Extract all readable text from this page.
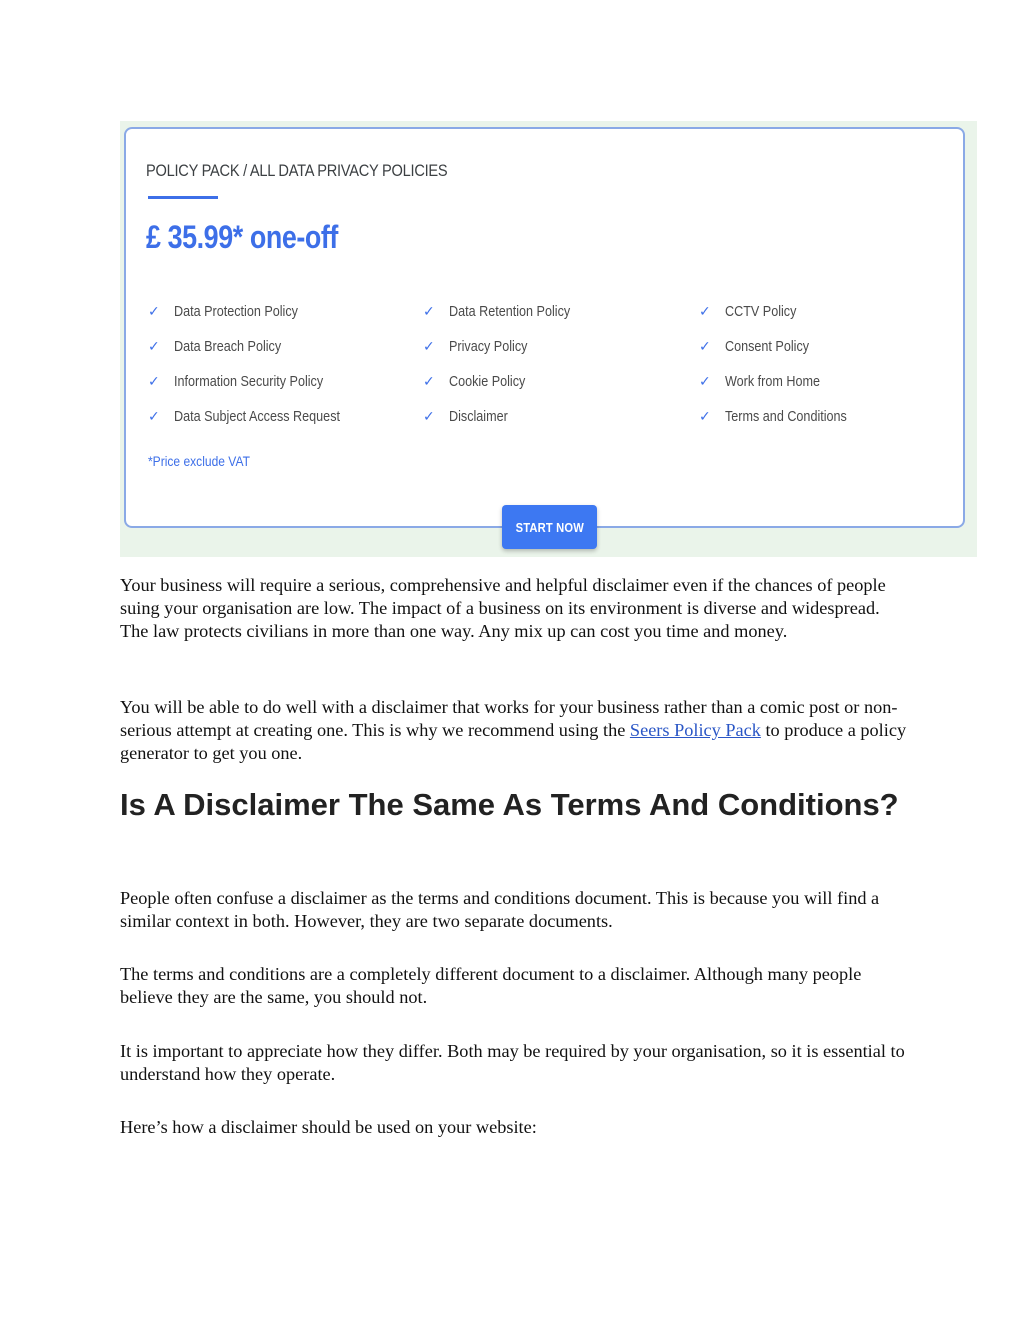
POLICY PACK / ALL DATA PRIVACY POLICIES
£ 35.99* one-off
✓ Data Protection Policy
✓ Data Breach Policy
✓ Information Security Policy
✓ Data Subject Access Request
✓ Data Retention Policy
✓ Privacy Policy
✓ Cookie Policy
✓ Disclaimer
✓ CCTV Policy
✓ Consent Policy
✓ Work from Home
✓ Terms and Conditions
*Price exclude VAT
START NOW

Your business will require a serious, comprehensive and helpful disclaimer even if the chances of people suing your organisation are low. The impact of a business on its environment is diverse and widespread. The law protects civilians in more than one way. Any mix up can cost you time and money.

You will be able to do well with a disclaimer that works for your business rather than a comic post or non-serious attempt at creating one. This is why we recommend using the Seers Policy Pack to produce a policy generator to get you one.

Is A Disclaimer The Same As Terms And Conditions?

People often confuse a disclaimer as the terms and conditions document. This is because you will find a similar context in both. However, they are two separate documents.

The terms and conditions are a completely different document to a disclaimer. Although many people believe they are the same, you should not.

It is important to appreciate how they differ. Both may be required by your organisation, so it is essential to understand how they operate.

Here’s how a disclaimer should be used on your website:
